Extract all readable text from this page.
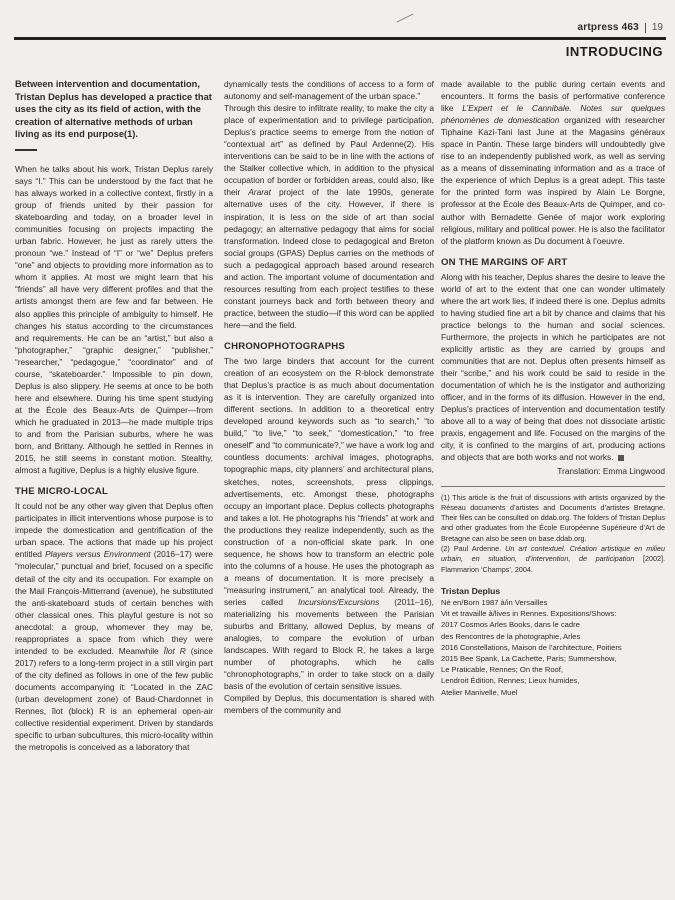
artpress 463 19
INTRODUCING

Between intervention and documentation, Tristan Deplus has developed a practice that uses the city as its field of action, with the creation of alternative methods of urban living as its end purpose(1).

When he talks about his work, Tristan Deplus rarely says “I.” This can be understood by the fact that he has always worked in a collective context, firstly in a group of friends united by their passion for skateboarding and today, on a broader level in communities focusing on projects impacting the urban fabric. However, he just as rarely utters the pronoun “we.” Instead of “I” or “we” Deplus prefers “one” and objects to providing more information as to whom it applies. At most we might learn that his “friends” all have very different profiles and that the artists amongst them are few and far between. He also applies this principle of ambiguity to himself. He changes his status according to the circumstances and requirements. He can be an “artist,” but also a “photographer,” “graphic designer,” “publisher,” “researcher,” “pedagogue,” “coordinator” and of course, “skateboarder.” Impossible to pin down, Deplus is also slippery. He seems at once to be both here and elsewhere. During his time spent studying at the École des Beaux-Arts de Quimper—from which he graduated in 2013—he made multiple trips to and from the Parisian suburbs, where he was born, and Brittany. Although he settled in Rennes in 2015, he still seems in constant motion. Stealthy, almost a fugitive, Deplus is a highly elusive figure.

THE MICRO-LOCAL

It could not be any other way given that Deplus often participates in illicit interventions whose purpose is to impede the domestication and gentrification of the urban space. The actions that made up his project entitled Players versus Environment (2016–17) were “molecular,” punctual and brief, focused on a specific detail of the city and its occupation. For example on the Mail François-Mitterrand (avenue), he substituted the anti-skateboard studs of certain benches with other classical ones. This playful gesture is not so anecdotal: a group, whomever they may be, reappropriates a space from which they were intended to be excluded. Meanwhile Îlot R (since 2017) refers to a long-term project in a still virgin part of the city defined as follows in one of the few public documents accompanying it: “Located in the ZAC (urban development zone) of Baud-Chardonnet in Rennes, îlot (block) R is an ephemeral open-air collective residential experiment. Driven by standards specific to urban subcultures, this micro-locality within the metropolis is conceived as a laboratory that

dynamically tests the conditions of access to a form of autonomy and self-management of the urban space.”

Through this desire to infiltrate reality, to make the city a place of experimentation and to privilege participation, Deplus’s practice seems to emerge from the notion of “contextual art” as defined by Paul Ardenne(2). His interventions can be said to be in line with the actions of the Stalker collective which, in addition to the physical occupation of border or forbidden areas, could also, like their Ararat project of the late 1990s, generate alternative uses of the city. However, if there is inspiration, it is less on the side of art than social pedagogy; an alternative pedagogy that aims for social transformation. Indeed close to pedagogical and Breton social groups (GPAS) Deplus carries on the methods of such a pedagogical approach based around research and action. The important volume of documentation and resources resulting from each project testifies to these constant journeys back and forth between theory and practice, between the studio—if this word can be applied here—and the field.

CHRONOPHOTOGRAPHS

The two large binders that account for the current creation of an ecosystem on the R-block demonstrate that Deplus’s practice is as much about documentation as it is intervention. They are carefully organized into different sections. In addition to a theoretical entry developed around keywords such as “to search,” “to build,” “to live,” “to seek,” “domestication,” “to free oneself” and “to communicate?,” we have a work log and countless documents: archival images, photographs, topographic maps, city planners’ and architectural plans, sketches, notes, screenshots, press clippings, advertisements, etc. Amongst these, photographs occupy an important place. Deplus collects photographs and takes a lot. He photographs his “friends” at work and the productions they realize independently, such as the construction of a non-official skate park. In one sequence, he shows how to transform an electric pole into the columns of a house. He uses the photograph as a means of documentation. It is more precisely a “measuring instrument,” an analytical tool. Already, the series called Incursions/Excursions (2011–16), materializing his movements between the Parisian suburbs and Brittany, allowed Deplus, by means of analogies, to compare the evolution of urban landscapes. With regard to Block R, he takes a large number of photographs, which he calls “chronophotographs,” in order to take stock on a daily basis of the evolution of certain sensitive issues.

Compiled by Deplus, this documentation is shared with members of the community and

made available to the public during certain events and encounters. It forms the basis of performative conference like L’Expert et le Cannibale. Notes sur quelques phénomènes de domestication organized with researcher Tiphaine Kazi-Tani last June at the Magasins généraux space in Pantin. These large binders will undoubtedly give rise to an independently published work, as well as serving as a means of disseminating information and as a trace of the experience of which Deplus is a great adept. This taste for the printed form was inspired by Alain Le Borgne, professor at the École des Beaux-Arts de Quimper, and co-author with Bernadette Genée of major work exploring religious, military and political power. He is also the facilitator of the platform known as Du document à l’oeuvre.

ON THE MARGINS OF ART

Along with his teacher, Deplus shares the desire to leave the world of art to the extent that one can wonder ultimately where the art work lies, if indeed there is one. Deplus admits to having studied fine art a bit by chance and claims that his practice belongs to the human and social sciences. Furthermore, the projects in which he participates are not explicitly artistic as they are carried by groups and communities that are not. Deplus often presents himself as their “scribe,” and his work could be said to reside in the documentation of which he is the instigator and authorizing officer, and in the forms of its diffusion. However in the end, Deplus’s practices of intervention and documentation testify above all to a way of being that does not dissociate artistic praxis, engagement and life. Focused on the margins of the city, it is confined to the margins of art, producing actions and objects that are both works and not works.

Translation: Emma Lingwood

(1) This article is the fruit of discussions with artists organized by the Réseau documents d’artistes and Documents d’artistes Bretagne. Their files can be consulted on ddab.org. The folders of Tristan Deplus and other graduates from the École Européenne Supérieure d’Art de Bretagne can also be seen on base.ddab.org.

(2) Paul Ardenne. Un art contextuel. Création artistique en milieu urbain, en situation, d’intervention, de participation [2002]. Flammarion ‘Champs’, 2004.

Tristan Deplus
Né en/Born 1987 à/in Versailles
Vit et travaille à/lives in Rennes. Expositions/Shows:
2017 Cosmos Arles Books, dans le cadre
des Rencontres de la photographie, Arles
2016 Constellations, Maison de l’architecture, Poitiers
2015 Bee Spank, La Cachette, Paris; Summershow,
Le Praticable, Rennes; On the Roof,
Lendroit Édition, Rennes; Lieux humides,
Atelier Manivelle, Muel
